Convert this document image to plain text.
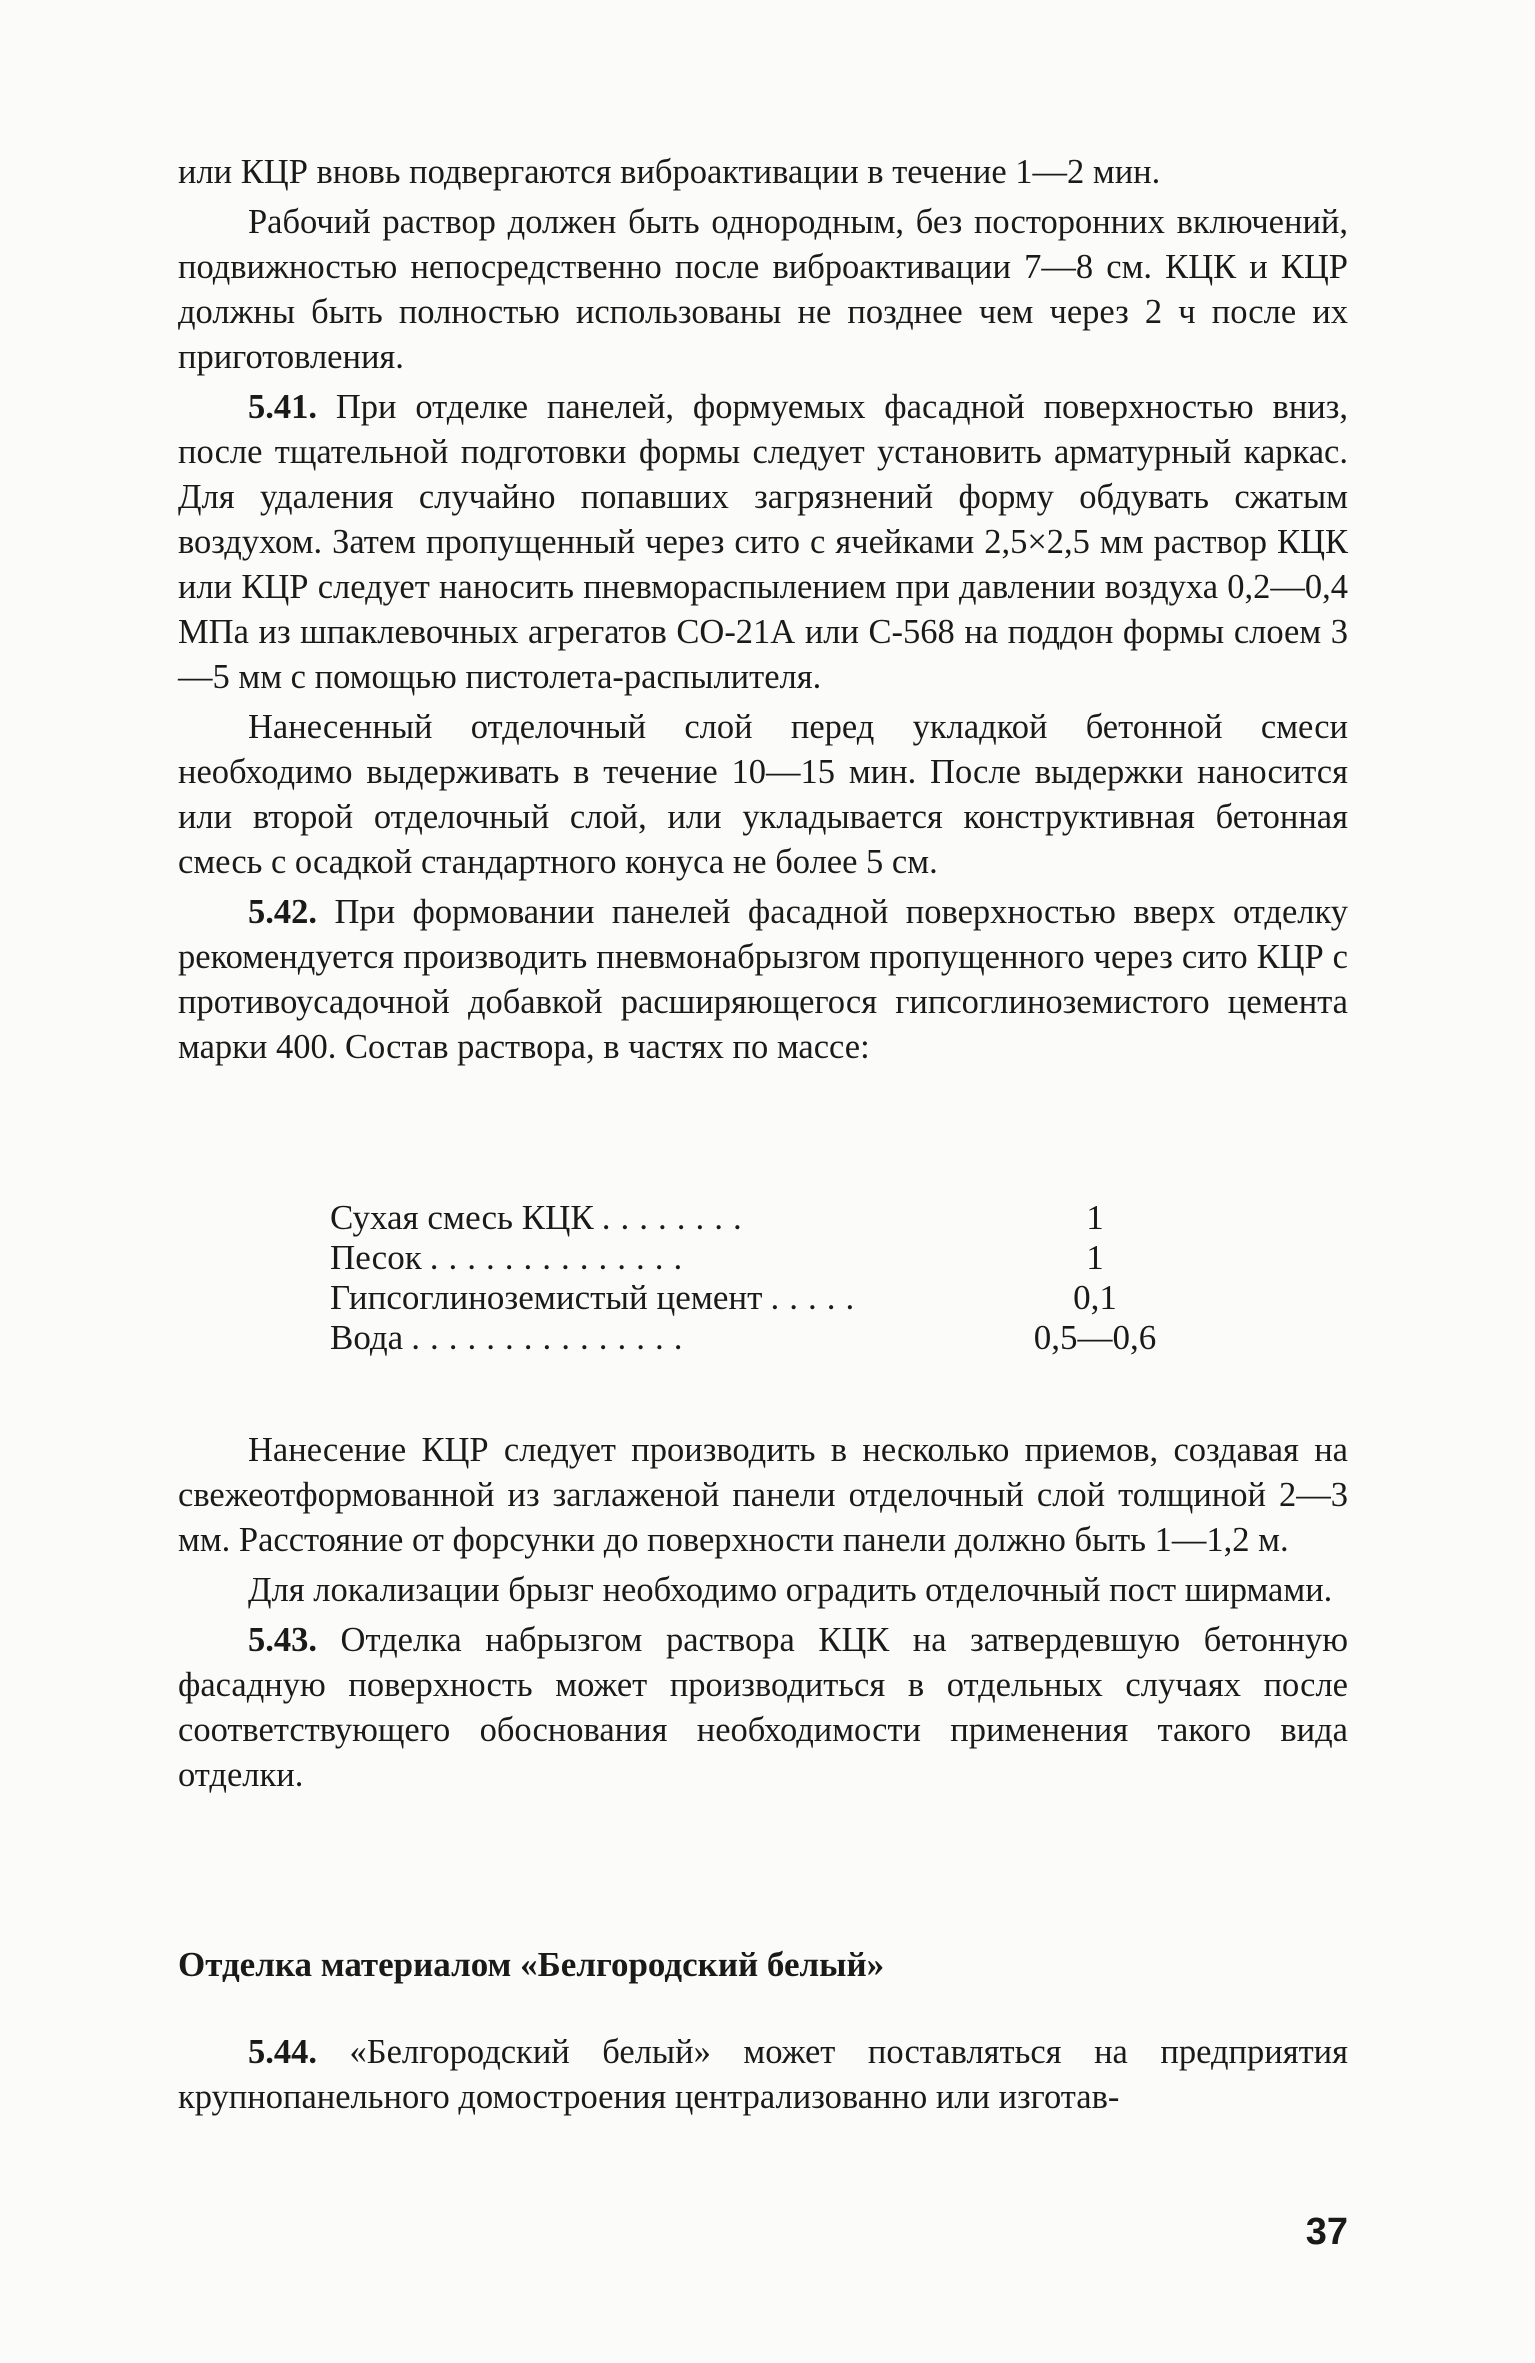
или КЦР вновь подвергаются виброактивации в течение 1—2 мин.

Рабочий раствор должен быть однородным, без посторонних включений, подвижностью непосредственно после виброактивации 7—8 см. КЦК и КЦР должны быть полностью использованы не позднее чем через 2 ч после их приготовления.

5.41. При отделке панелей, формуемых фасадной поверхностью вниз, после тщательной подготовки формы следует установить арматурный каркас. Для удаления случайно попавших загрязнений форму обдувать сжатым воздухом. Затем пропущенный через сито с ячейками 2,5×2,5 мм раствор КЦК или КЦР следует наносить пневмораспылением при давлении воздуха 0,2—0,4 МПа из шпаклевочных агрегатов СО-21А или С-568 на поддон формы слоем 3—5 мм с помощью пистолета-распылителя.

Нанесенный отделочный слой перед укладкой бетонной смеси необходимо выдерживать в течение 10—15 мин. После выдержки наносится или второй отделочный слой, или укладывается конструктивная бетонная смесь с осадкой стандартного конуса не более 5 см.

5.42. При формовании панелей фасадной поверхностью вверх отделку рекомендуется производить пневмонабрызгом пропущенного через сито КЦР с противоусадочной добавкой расширяющегося гипсоглиноземистого цемента марки 400. Состав раствора, в частях по массе:

Сухая смесь КЦК ........	1
Песок ..............	1
Гипсоглиноземистый цемент .....	0,1
Вода ...............	0,5—0,6

Нанесение КЦР следует производить в несколько приемов, создавая на свежеотформованной из заглаженой панели отделочный слой толщиной 2—3 мм. Расстояние от форсунки до поверхности панели должно быть 1—1,2 м.

Для локализации брызг необходимо оградить отделочный пост ширмами.

5.43. Отделка набрызгом раствора КЦК на затвердевшую бетонную фасадную поверхность может производиться в отдельных случаях после соответствующего обоснования необходимости применения такого вида отделки.

Отделка материалом «Белгородский белый»

5.44. «Белгородский белый» может поставляться на предприятия крупнопанельного домостроения централизованно или изготав-

37
